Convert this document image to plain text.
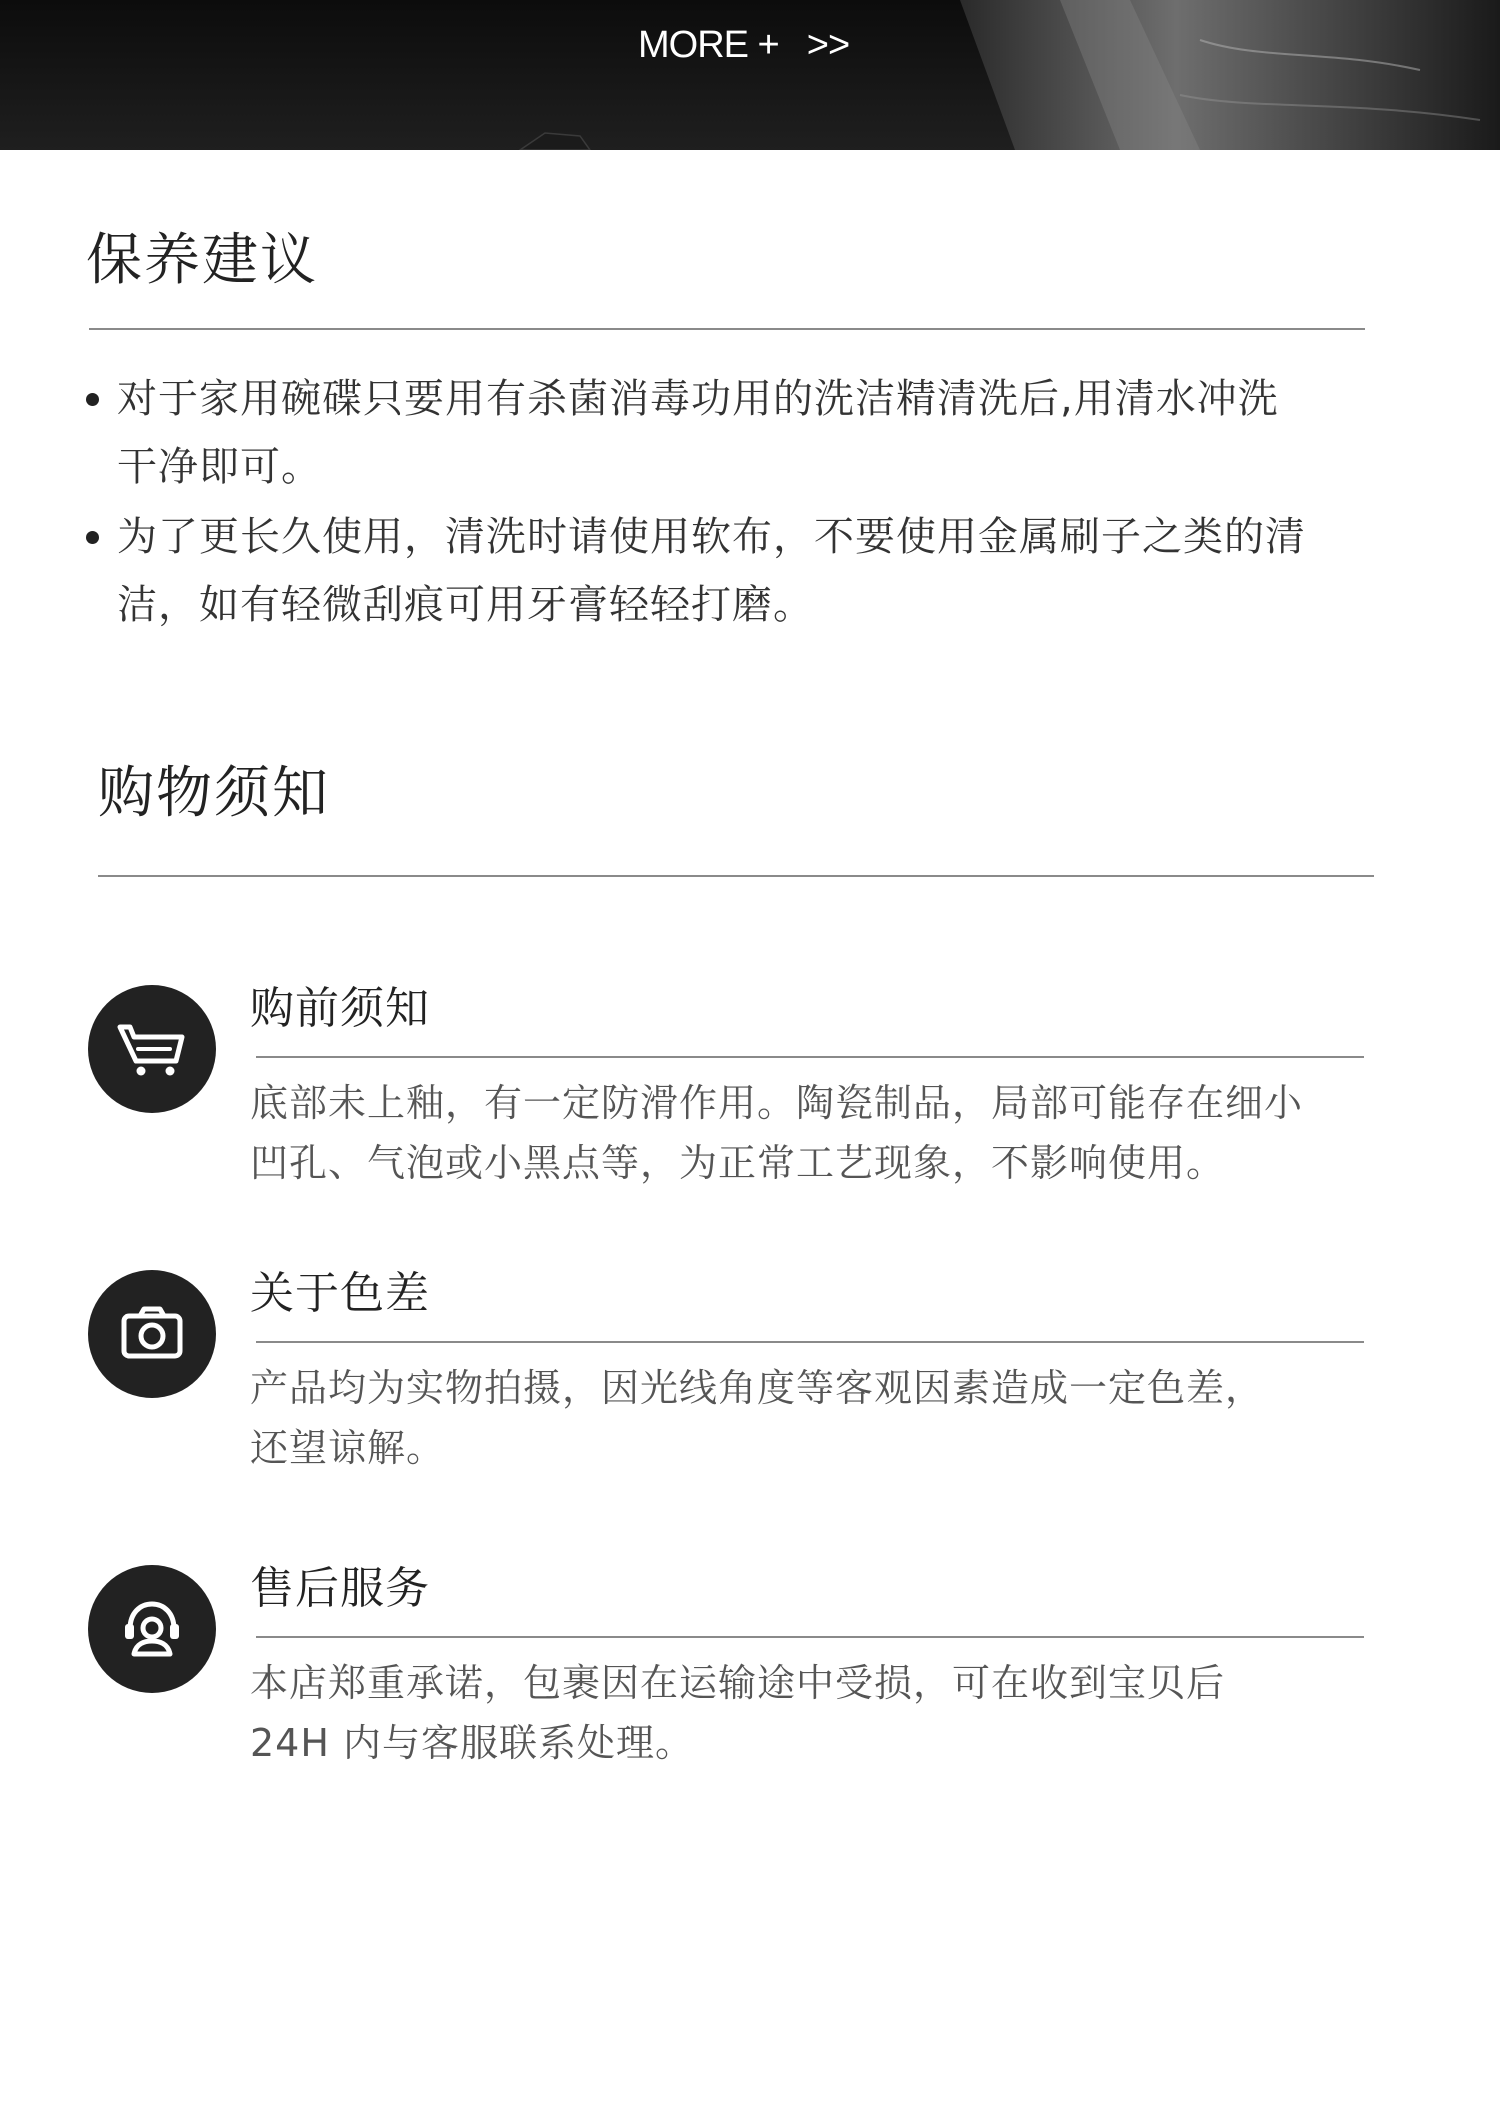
MORE + >>
保养建议
对于家用碗碟只要用有杀菌消毒功用的洗洁精清洗后,用清水冲洗
干净即可。
为了更长久使用，清洗时请使用软布，不要使用金属刷子之类的清
洁，如有轻微刮痕可用牙膏轻轻打磨。
购物须知
购前须知
底部未上釉，有一定防滑作用。陶瓷制品，局部可能存在细小
凹孔、气泡或小黑点等，为正常工艺现象，不影响使用。
关于色差
产品均为实物拍摄，因光线角度等客观因素造成一定色差，
还望谅解。
售后服务
本店郑重承诺，包裹因在运输途中受损，可在收到宝贝后
24H 内与客服联系处理。
